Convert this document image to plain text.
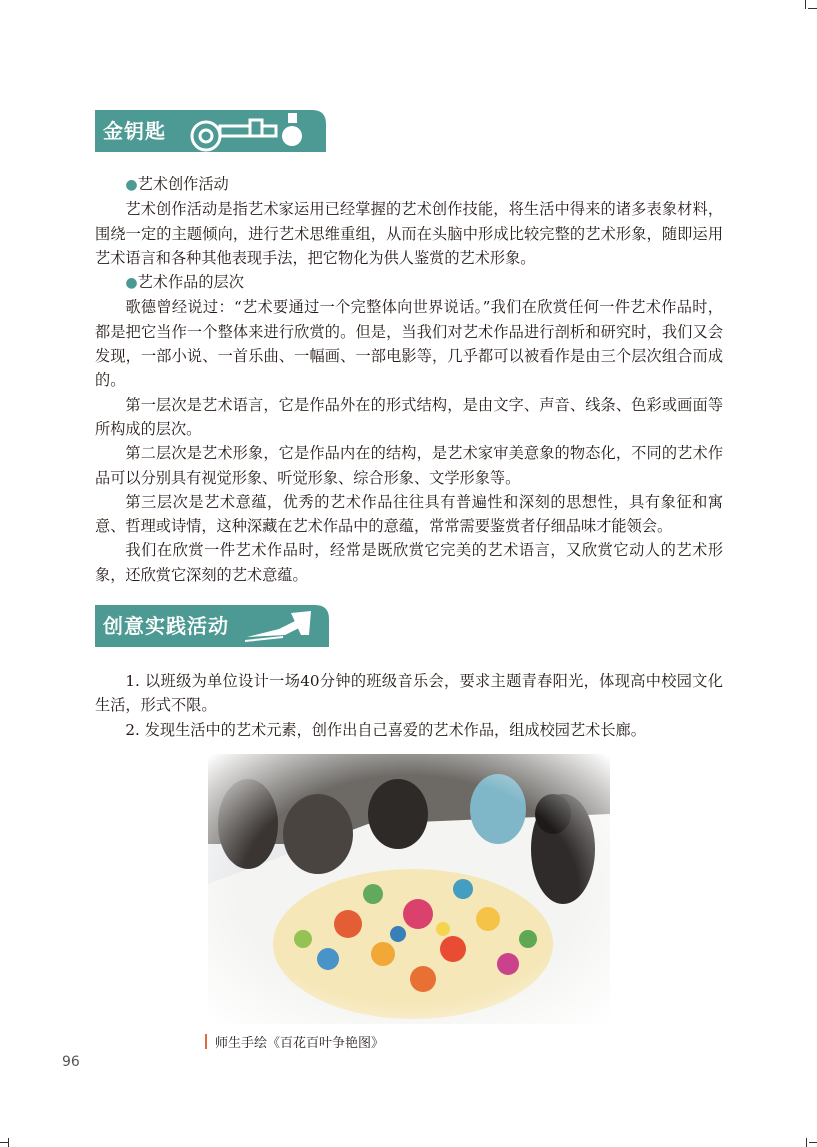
金钥匙

●艺术创作活动

艺术创作活动是指艺术家运用已经掌握的艺术创作技能，将生活中得来的诸多表象材料，围绕一定的主题倾向，进行艺术思维重组，从而在头脑中形成比较完整的艺术形象，随即运用艺术语言和各种其他表现手法，把它物化为供人鉴赏的艺术形象。

●艺术作品的层次

歌德曾经说过：“艺术要通过一个完整体向世界说话。”我们在欣赏任何一件艺术作品时，都是把它当作一个整体来进行欣赏的。但是，当我们对艺术作品进行剖析和研究时，我们又会发现，一部小说、一首乐曲、一幅画、一部电影等，几乎都可以被看作是由三个层次组合而成的。

第一层次是艺术语言，它是作品外在的形式结构，是由文字、声音、线条、色彩或画面等所构成的层次。

第二层次是艺术形象，它是作品内在的结构，是艺术家审美意象的物态化，不同的艺术作品可以分别具有视觉形象、听觉形象、综合形象、文学形象等。

第三层次是艺术意蕴，优秀的艺术作品往往具有普遍性和深刻的思想性，具有象征和寓意、哲理或诗情，这种深藏在艺术作品中的意蕴，常常需要鉴赏者仔细品味才能领会。

我们在欣赏一件艺术作品时，经常是既欣赏它完美的艺术语言，又欣赏它动人的艺术形象，还欣赏它深刻的艺术意蕴。

创意实践活动

1. 以班级为单位设计一场40分钟的班级音乐会，要求主题青春阳光，体现高中校园文化生活，形式不限。

2. 发现生活中的艺术元素，创作出自己喜爱的艺术作品，组成校园艺术长廊。

师生手绘《百花百叶争艳图》
96
